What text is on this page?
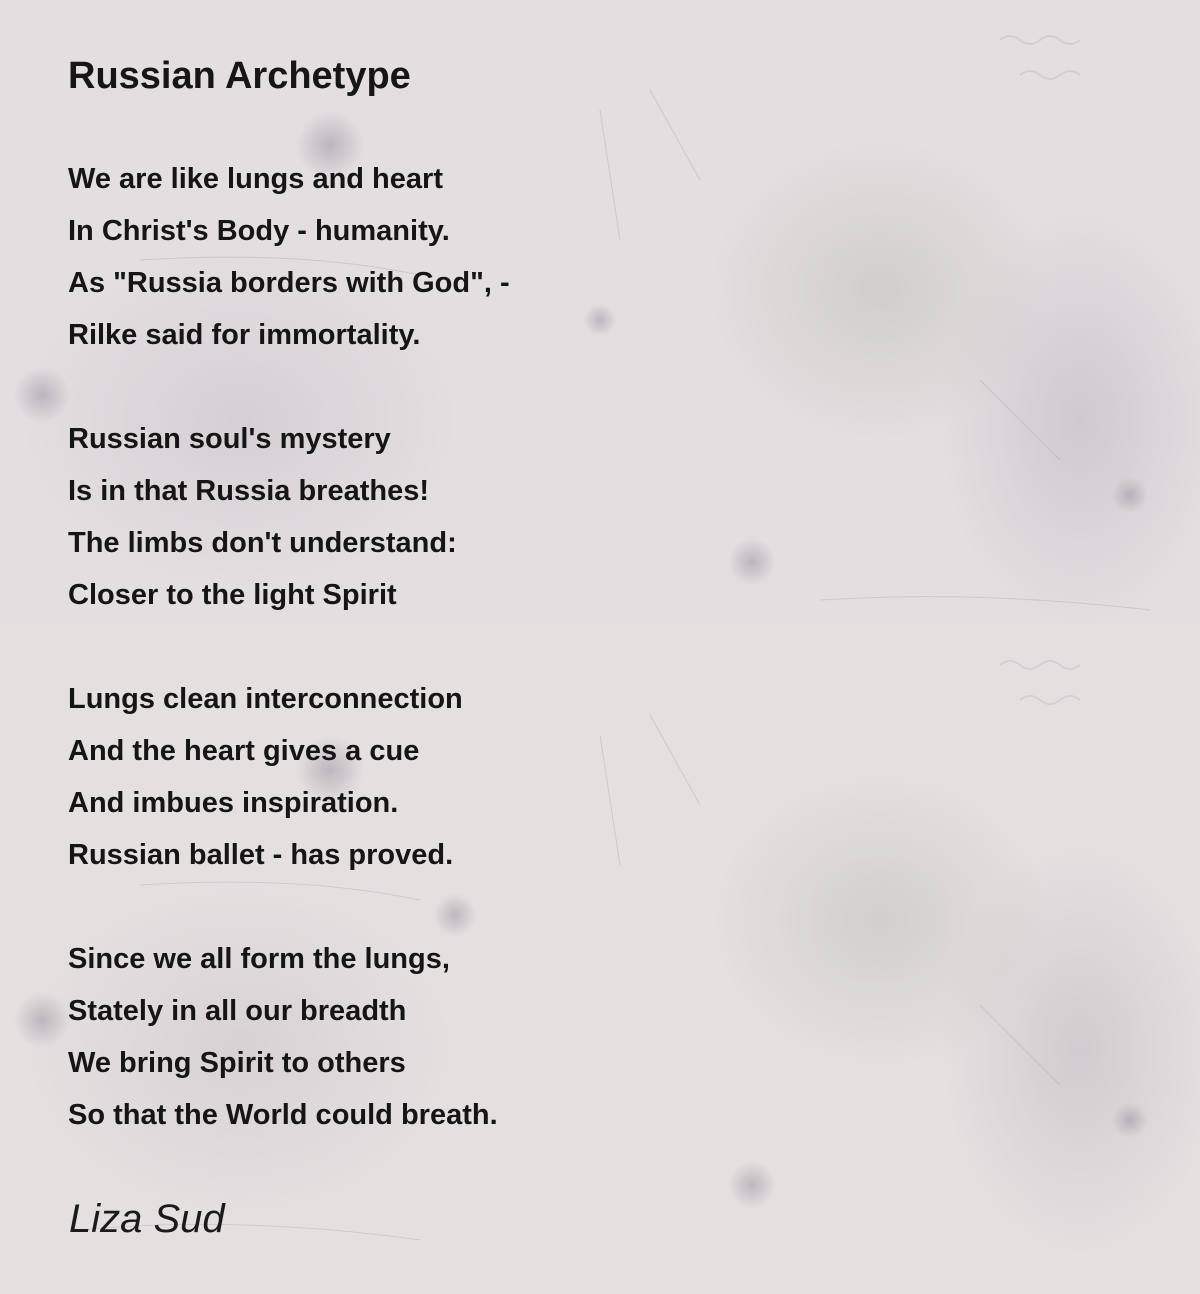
Russian Archetype
We are like lungs and heart
In Christ's Body - humanity.
As "Russia borders with God", -
Rilke said for immortality.
Russian soul's mystery
Is in that Russia breathes!
The limbs don't understand:
Closer to the light Spirit
Lungs clean interconnection
And the heart gives a cue
And imbues inspiration.
Russian ballet - has proved.
Since we all form the lungs,
Stately in all our breadth
We bring Spirit to others
So that the World could breath.

Liza Sud
